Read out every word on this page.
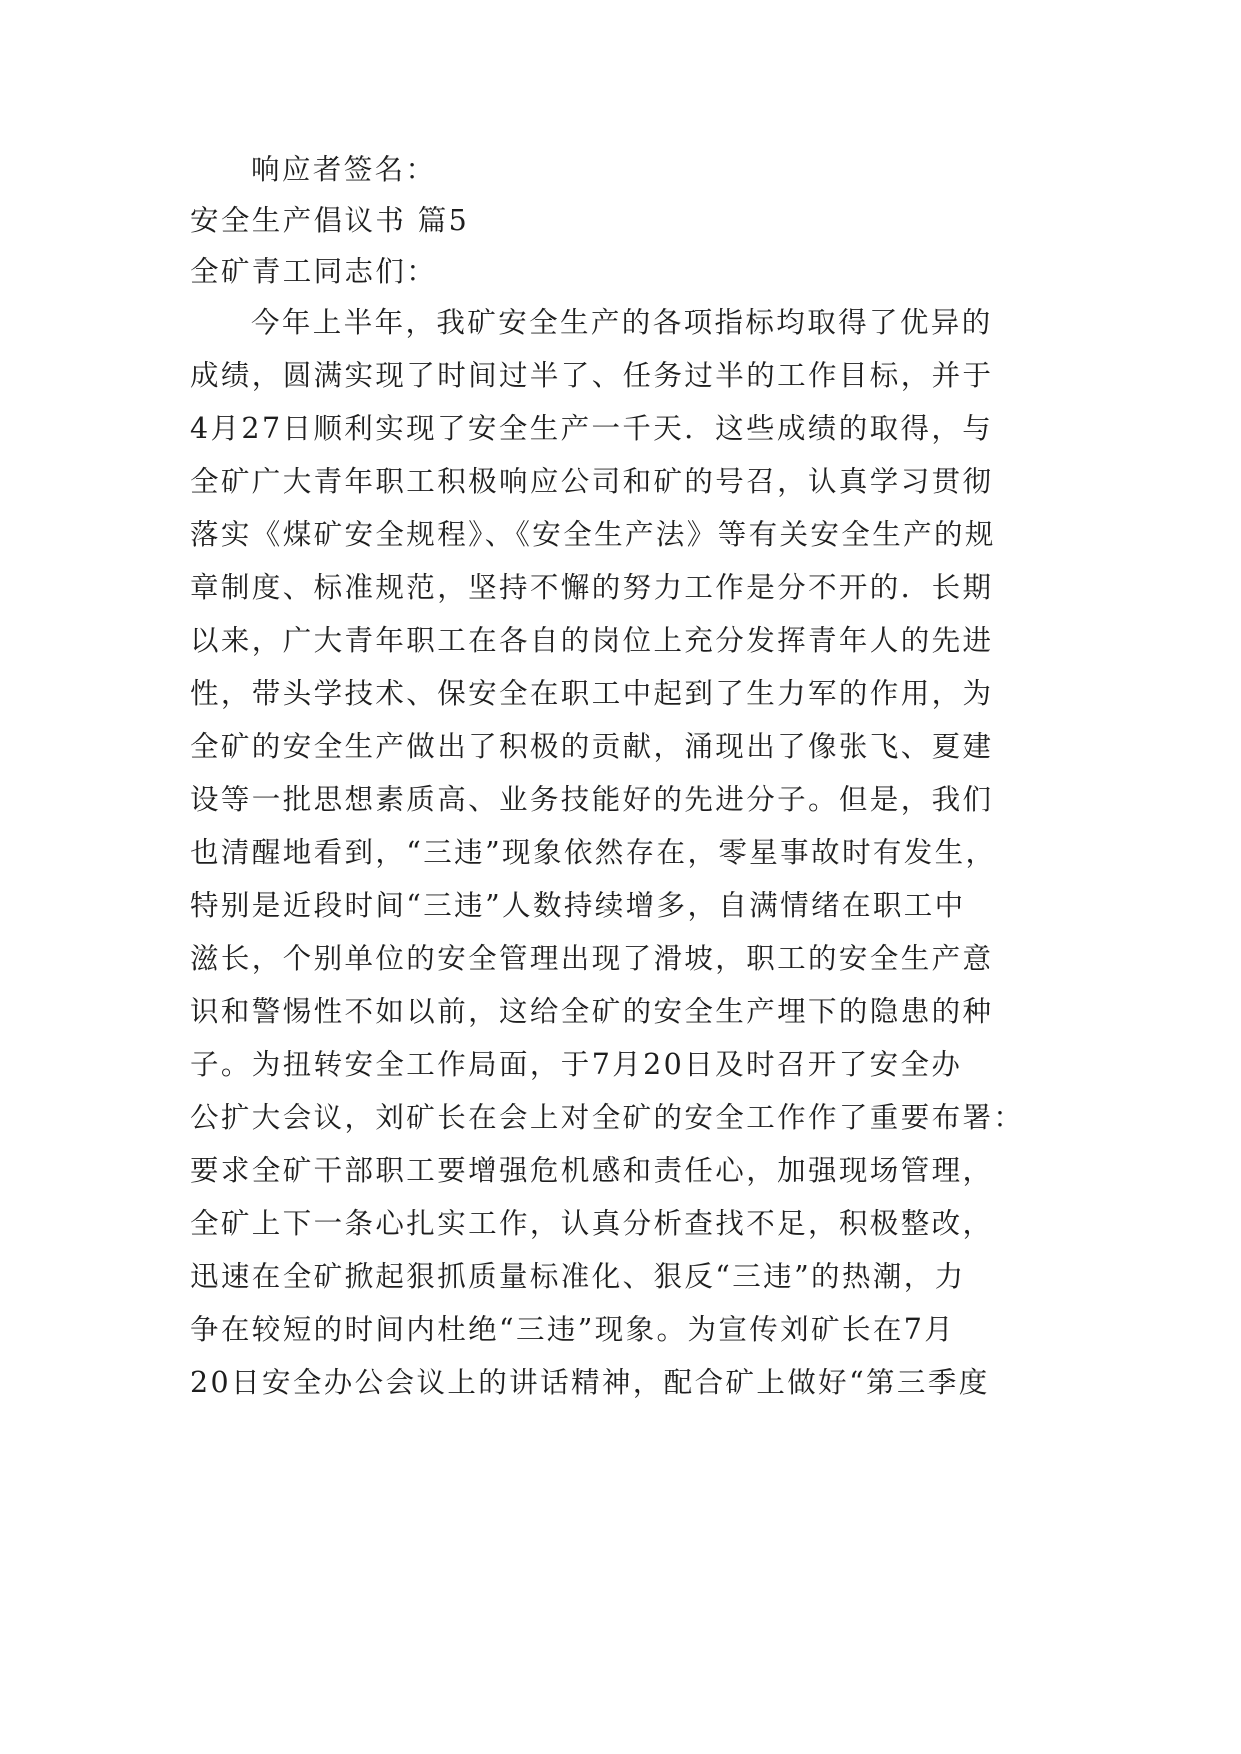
响应者签名：
安全生产倡议书 篇5
全矿青工同志们：
今年上半年，我矿安全生产的各项指标均取得了优异的
成绩，圆满实现了时间过半了、任务过半的工作目标，并于
4月27日顺利实现了安全生产一千天．这些成绩的取得，与
全矿广大青年职工积极响应公司和矿的号召，认真学习贯彻
落实《煤矿安全规程》、《安全生产法》等有关安全生产的规
章制度、标准规范，坚持不懈的努力工作是分不开的．长期
以来，广大青年职工在各自的岗位上充分发挥青年人的先进
性，带头学技术、保安全在职工中起到了生力军的作用，为
全矿的安全生产做出了积极的贡献，涌现出了像张飞、夏建
设等一批思想素质高、业务技能好的先进分子。但是，我们
也清醒地看到，“三违”现象依然存在，零星事故时有发生，
特别是近段时间“三违”人数持续增多，自满情绪在职工中
滋长，个别单位的安全管理出现了滑坡，职工的安全生产意
识和警惕性不如以前，这给全矿的安全生产埋下的隐患的种
子。为扭转安全工作局面，于7月20日及时召开了安全办
公扩大会议，刘矿长在会上对全矿的安全工作作了重要布署：
要求全矿干部职工要增强危机感和责任心，加强现场管理，
全矿上下一条心扎实工作，认真分析查找不足，积极整改，
迅速在全矿掀起狠抓质量标准化、狠反“三违”的热潮，力
争在较短的时间内杜绝“三违”现象。为宣传刘矿长在7月
20日安全办公会议上的讲话精神，配合矿上做好“第三季度
